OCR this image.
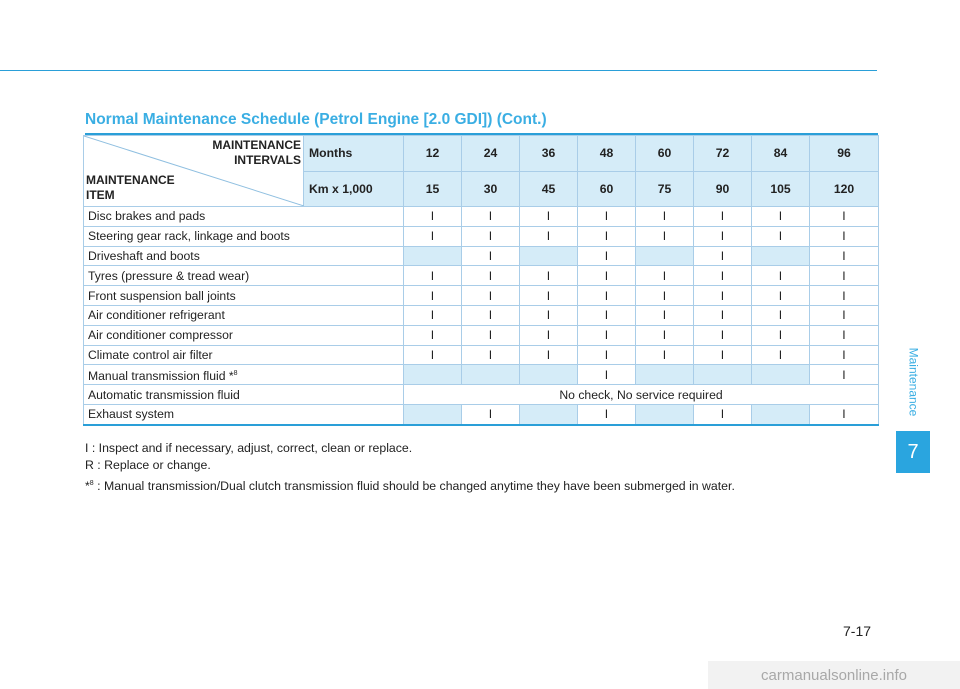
Normal Maintenance Schedule (Petrol Engine [2.0 GDI]) (Cont.)
MAINTENANCE
INTERVALS
MAINTENANCE
ITEM	Months	12	24	36	48	60	72	84	96
	Km x 1,000	15	30	45	60	75	90	105	120
Disc brakes and pads		I	I	I	I	I	I	I	I
Steering gear rack, linkage and boots		I	I	I	I	I	I	I	I
Driveshaft and boots			I		I		I		I
Tyres (pressure & tread wear)		I	I	I	I	I	I	I	I
Front suspension ball joints		I	I	I	I	I	I	I	I
Air conditioner refrigerant		I	I	I	I	I	I	I	I
Air conditioner compressor		I	I	I	I	I	I	I	I
Climate control air filter		I	I	I	I	I	I	I	I
Manual transmission fluid *$^8$					I				I
Automatic transmission fluid		No check, No service required							
Exhaust system			I		I		I		I
I : Inspect and if necessary, adjust, correct, clean or replace.
R : Replace or change.
*$^8$ : Manual transmission/Dual clutch transmission fluid should be changed anytime they have been submerged in water.
Maintenance
7
7-17
carmanualsonline.info
